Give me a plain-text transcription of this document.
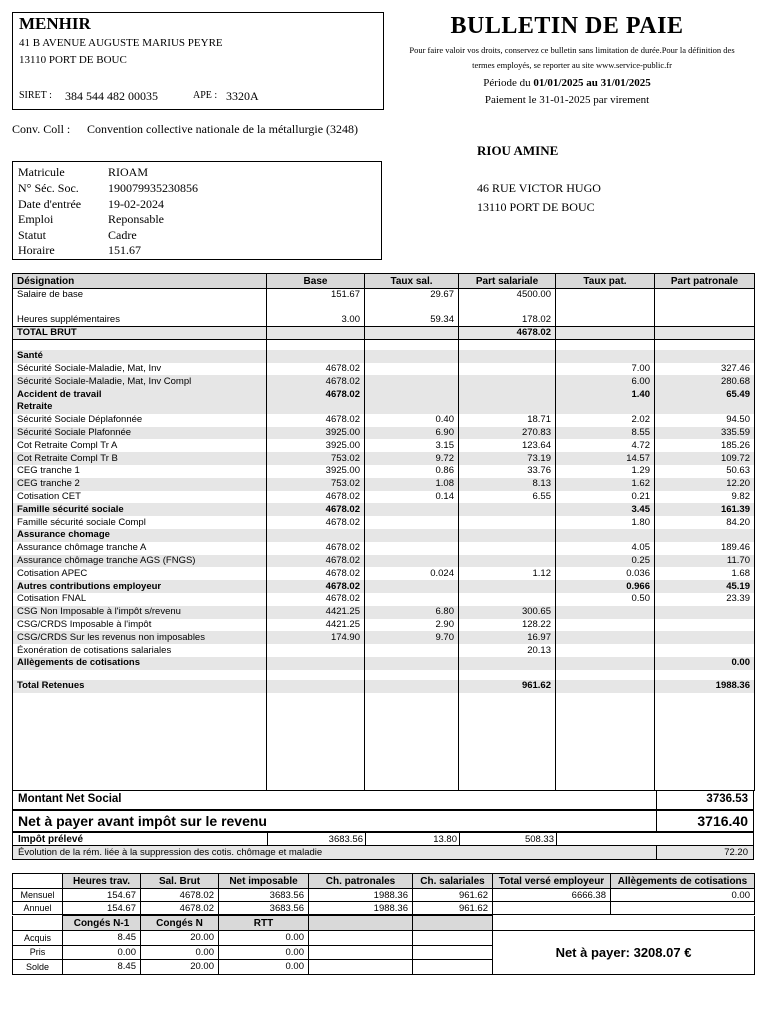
MENHIR
41 B AVENUE AUGUSTE MARIUS PEYRE
13110 PORT DE BOUC
SIRET : 384 544 482 00035	APE : 3320A
BULLETIN DE PAIE
Pour faire valoir vos droits, conservez ce bulletin sans limitation de durée.Pour la définition des termes employés, se reporter au site www.service-public.fr
Période du 01/01/2025 au 31/01/2025
Paiement le 31-01-2025 par virement
Conv. Coll : Convention collective nationale de la métallurgie (3248)
Matricule	RIOAM
N° Séc. Soc. 190079935230856
Date d'entrée 19-02-2024
Emploi	Reponsable
Statut	Cadre
Horaire	151.67
RIOU AMINE
46 RUE VICTOR HUGO
13110 PORT DE BOUC
Désignation	Base	Taux sal.	Part salariale	Taux pat.	Part patronale
Salaire de base	151.67	29.67	4500.00		

Heures supplémentaires	3.00	59.34	178.02		
TOTAL BRUT			4678.02		

Santé					
Sécurité Sociale-Maladie, Mat, Inv	4678.02			7.00	327.46
Sécurité Sociale-Maladie, Mat, Inv Compl	4678.02			6.00	280.68
Accident de travail	4678.02			1.40	65.49
Retraite					
Sécurité Sociale Déplafonnée	4678.02	0.40	18.71	2.02	94.50
Sécurité Sociale Plafonnée	3925.00	6.90	270.83	8.55	335.59
Cot Retraite Compl Tr A	3925.00	3.15	123.64	4.72	185.26
Cot Retraite Compl Tr B	753.02	9.72	73.19	14.57	109.72
CEG tranche 1	3925.00	0.86	33.76	1.29	50.63
CEG tranche 2	753.02	1.08	8.13	1.62	12.20
Cotisation CET	4678.02	0.14	6.55	0.21	9.82
Famille sécurité sociale	4678.02			3.45	161.39
Famille sécurité sociale Compl	4678.02			1.80	84.20
Assurance chomage					
Assurance chômage tranche A	4678.02			4.05	189.46
Assurance chômage tranche AGS (FNGS)	4678.02			0.25	11.70
Cotisation APEC	4678.02	0.024	1.12	0.036	1.68
Autres contributions employeur	4678.02			0.966	45.19
Cotisation FNAL	4678.02			0.50	23.39
CSG Non Imposable à l'impôt s/revenu	4421.25	6.80	300.65		
CSG/CRDS Imposable à l'impôt	4421.25	2.90	128.22		
CSG/CRDS Sur les revenus non imposables	174.90	9.70	16.97		
Éxonération de cotisations salariales			20.13		
Allègements de cotisations					0.00

Total Retenues			961.62		1988.36

Montant Net Social	3736.53
Net à payer avant impôt sur le revenu	3716.40
Impôt prélevé	3683.56	13.80	508.33
Évolution de la rém. liée à la suppression des cotis. chômage et maladie	72.20
	Heures trav.	Sal. Brut	Net imposable	Ch. patronales	Ch. salariales	Total versé employeur	Allègements de cotisations
Mensuel	154.67	4678.02	3683.56	1988.36	961.62	6666.38	0.00
Annuel	154.67	4678.02	3683.56	1988.36	961.62		
	Congés N-1	Congés N	RTT			
Acquis	8.45	20.00	0.00			Net à payer: 3208.07 €
Pris	0.00	0.00	0.00			
Solde	8.45	20.00	0.00			
